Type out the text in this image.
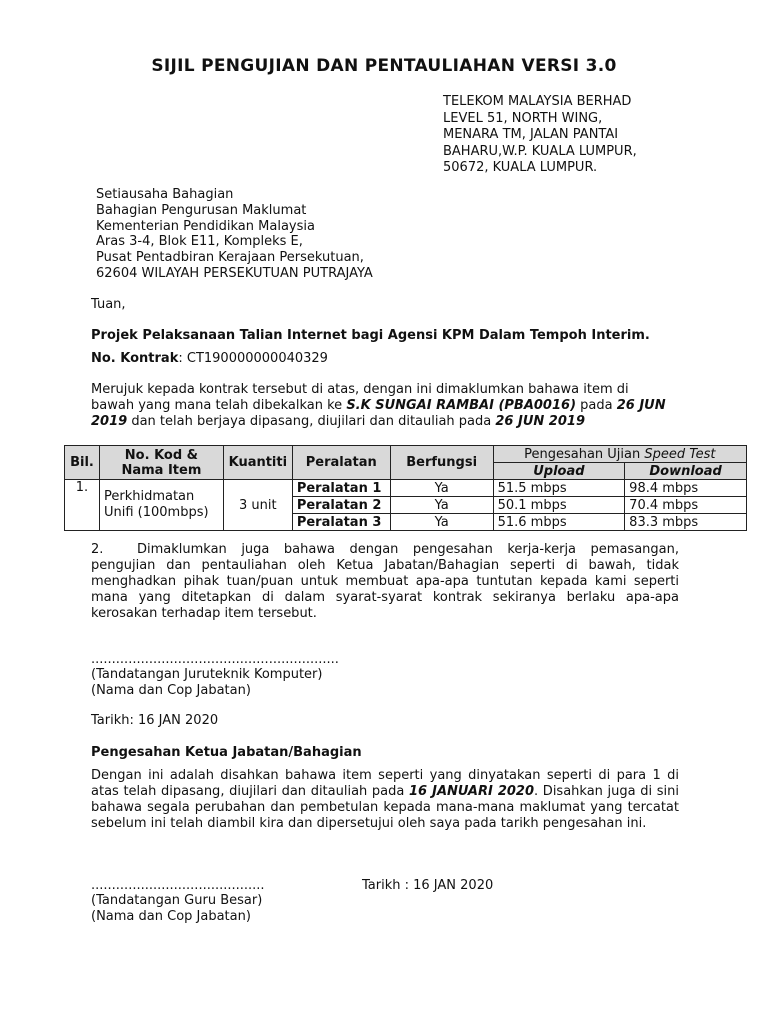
SIJIL PENGUJIAN DAN PENTAULIAHAN VERSI 3.0
TELEKOM MALAYSIA BERHAD
LEVEL 51, NORTH WING,
MENARA TM, JALAN PANTAI
BAHARU,W.P. KUALA LUMPUR,
50672, KUALA LUMPUR.
Setiausaha Bahagian
Bahagian Pengurusan Maklumat
Kementerian Pendidikan Malaysia
Aras 3-4, Blok E11, Kompleks E,
Pusat Pentadbiran Kerajaan Persekutuan,
62604 WILAYAH PERSEKUTUAN PUTRAJAYA
Tuan,
Projek Pelaksanaan Talian Internet bagi Agensi KPM Dalam Tempoh Interim.
No. Kontrak: CT190000000040329
Merujuk kepada kontrak tersebut di atas, dengan ini dimaklumkan bahawa item di bawah yang mana telah dibekalkan ke S.K SUNGAI RAMBAI (PBA0016) pada 26 JUN 2019 dan telah berjaya dipasang, diujilari dan ditauliah pada 26 JUN 2019
Bil.	No. Kod & Nama Item	Kuantiti	Peralatan	Berfungsi	Pengesahan Ujian Speed Test	
					Upload	Download
1.	Perkhidmatan Unifi (100mbps)	3 unit	Peralatan 1	Ya	51.5 mbps	98.4 mbps
			Peralatan 2	Ya	50.1 mbps	70.4 mbps
			Peralatan 3	Ya	51.6 mbps	83.3 mbps
2.	Dimaklumkan juga bahawa dengan pengesahan kerja-kerja pemasangan, pengujian dan pentauliahan oleh Ketua Jabatan/Bahagian seperti di bawah, tidak menghadkan pihak tuan/puan untuk membuat apa-apa tuntutan kepada kami seperti mana yang ditetapkan di dalam syarat-syarat kontrak sekiranya berlaku apa-apa kerosakan terhadap item tersebut.
............................................................
(Tandatangan Juruteknik Komputer)
(Nama dan Cop Jabatan)
Tarikh: 16 JAN 2020
Pengesahan Ketua Jabatan/Bahagian
Dengan ini adalah disahkan bahawa item seperti yang dinyatakan seperti di para 1 di atas telah dipasang, diujilari dan ditauliah pada 16 JANUARI 2020. Disahkan juga di sini bahawa segala perubahan dan pembetulan kepada mana-mana maklumat yang tercatat sebelum ini telah diambil kira dan dipersetujui oleh saya pada tarikh pengesahan ini.
..........................................	Tarikh : 16 JAN 2020
(Tandatangan Guru Besar)
(Nama dan Cop Jabatan)
